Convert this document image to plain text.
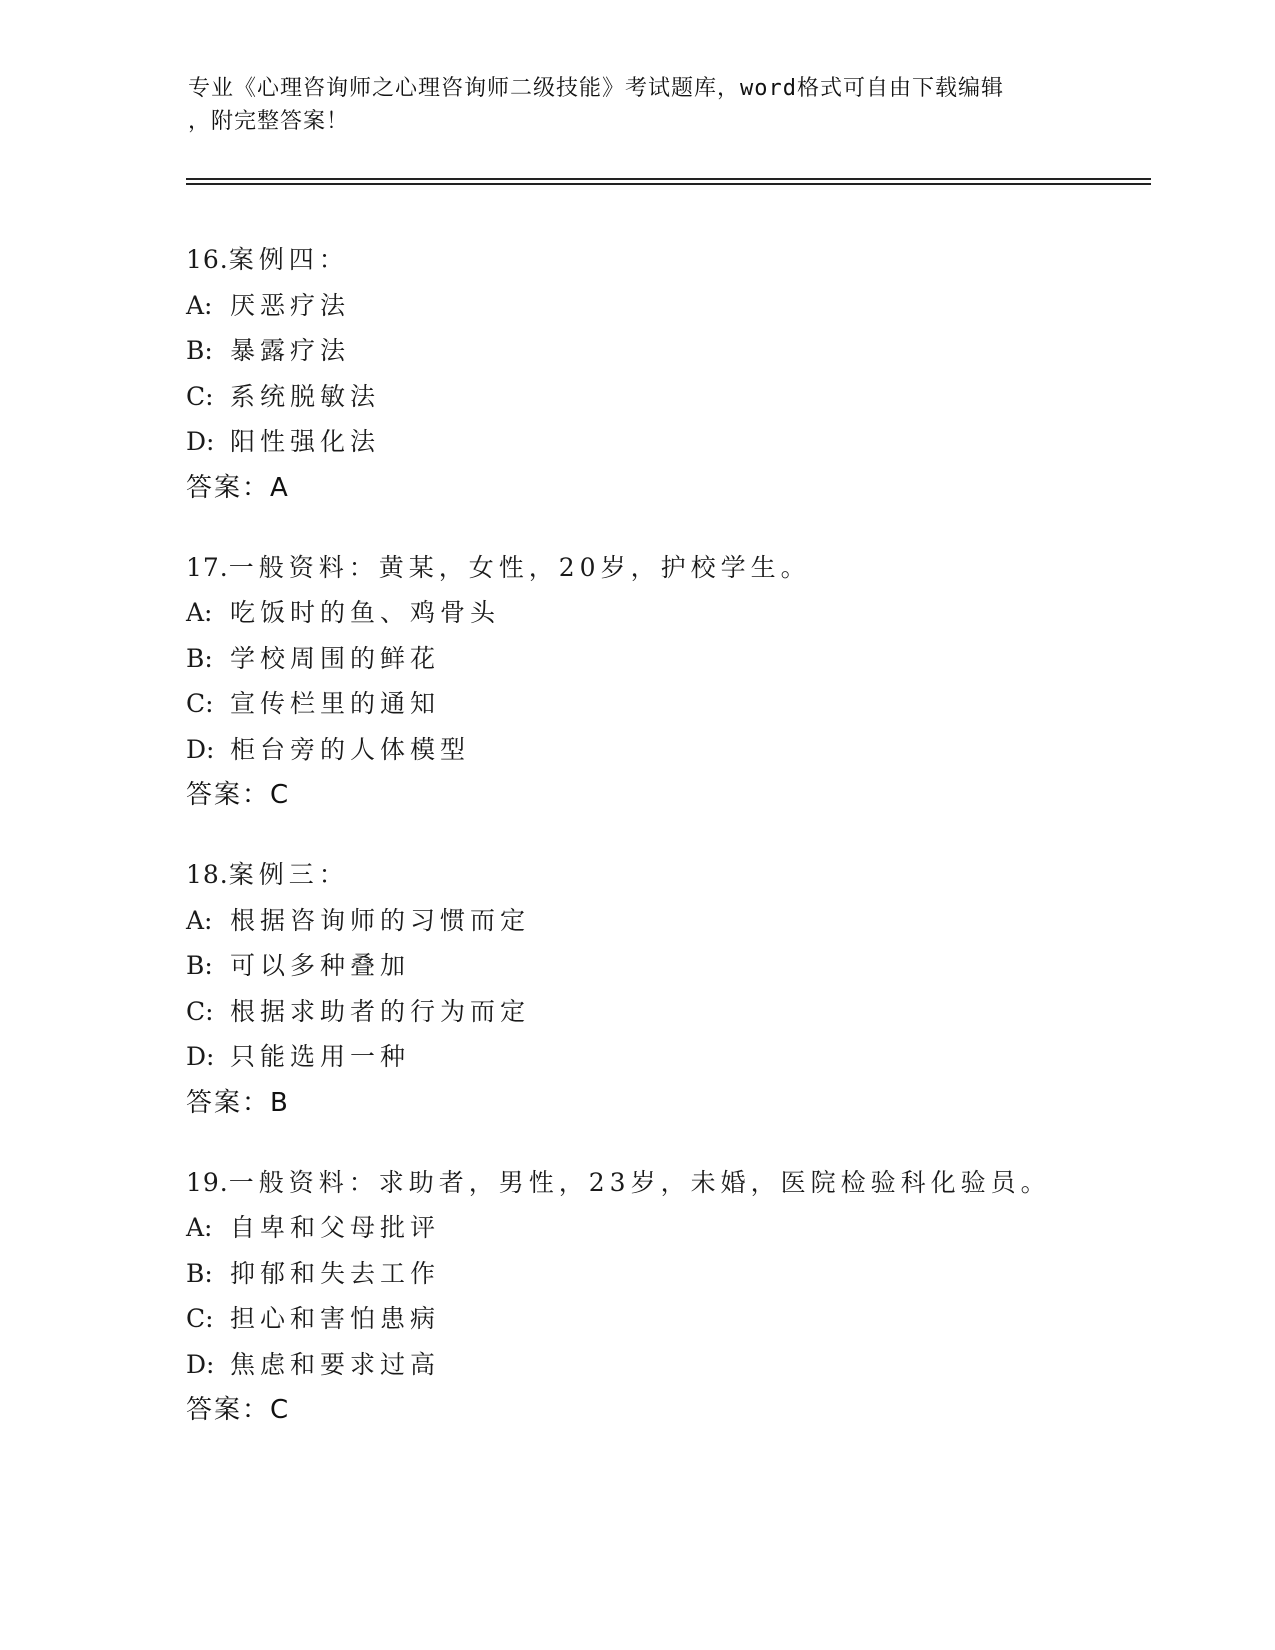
专业《心理咨询师之心理咨询师二级技能》考试题库，word格式可自由下载编辑
，附完整答案！
16.案例四：
A: 厌恶疗法
B: 暴露疗法
C: 系统脱敏法
D: 阳性强化法
答案：A
17.一般资料：黄某，女性，20岁，护校学生。
A: 吃饭时的鱼、鸡骨头
B: 学校周围的鲜花
C: 宣传栏里的通知
D: 柜台旁的人体模型
答案：C
18.案例三：
A: 根据咨询师的习惯而定
B: 可以多种叠加
C: 根据求助者的行为而定
D: 只能选用一种
答案：B
19.一般资料：求助者，男性，23岁，未婚，医院检验科化验员。
A: 自卑和父母批评
B: 抑郁和失去工作
C: 担心和害怕患病
D: 焦虑和要求过高
答案：C
